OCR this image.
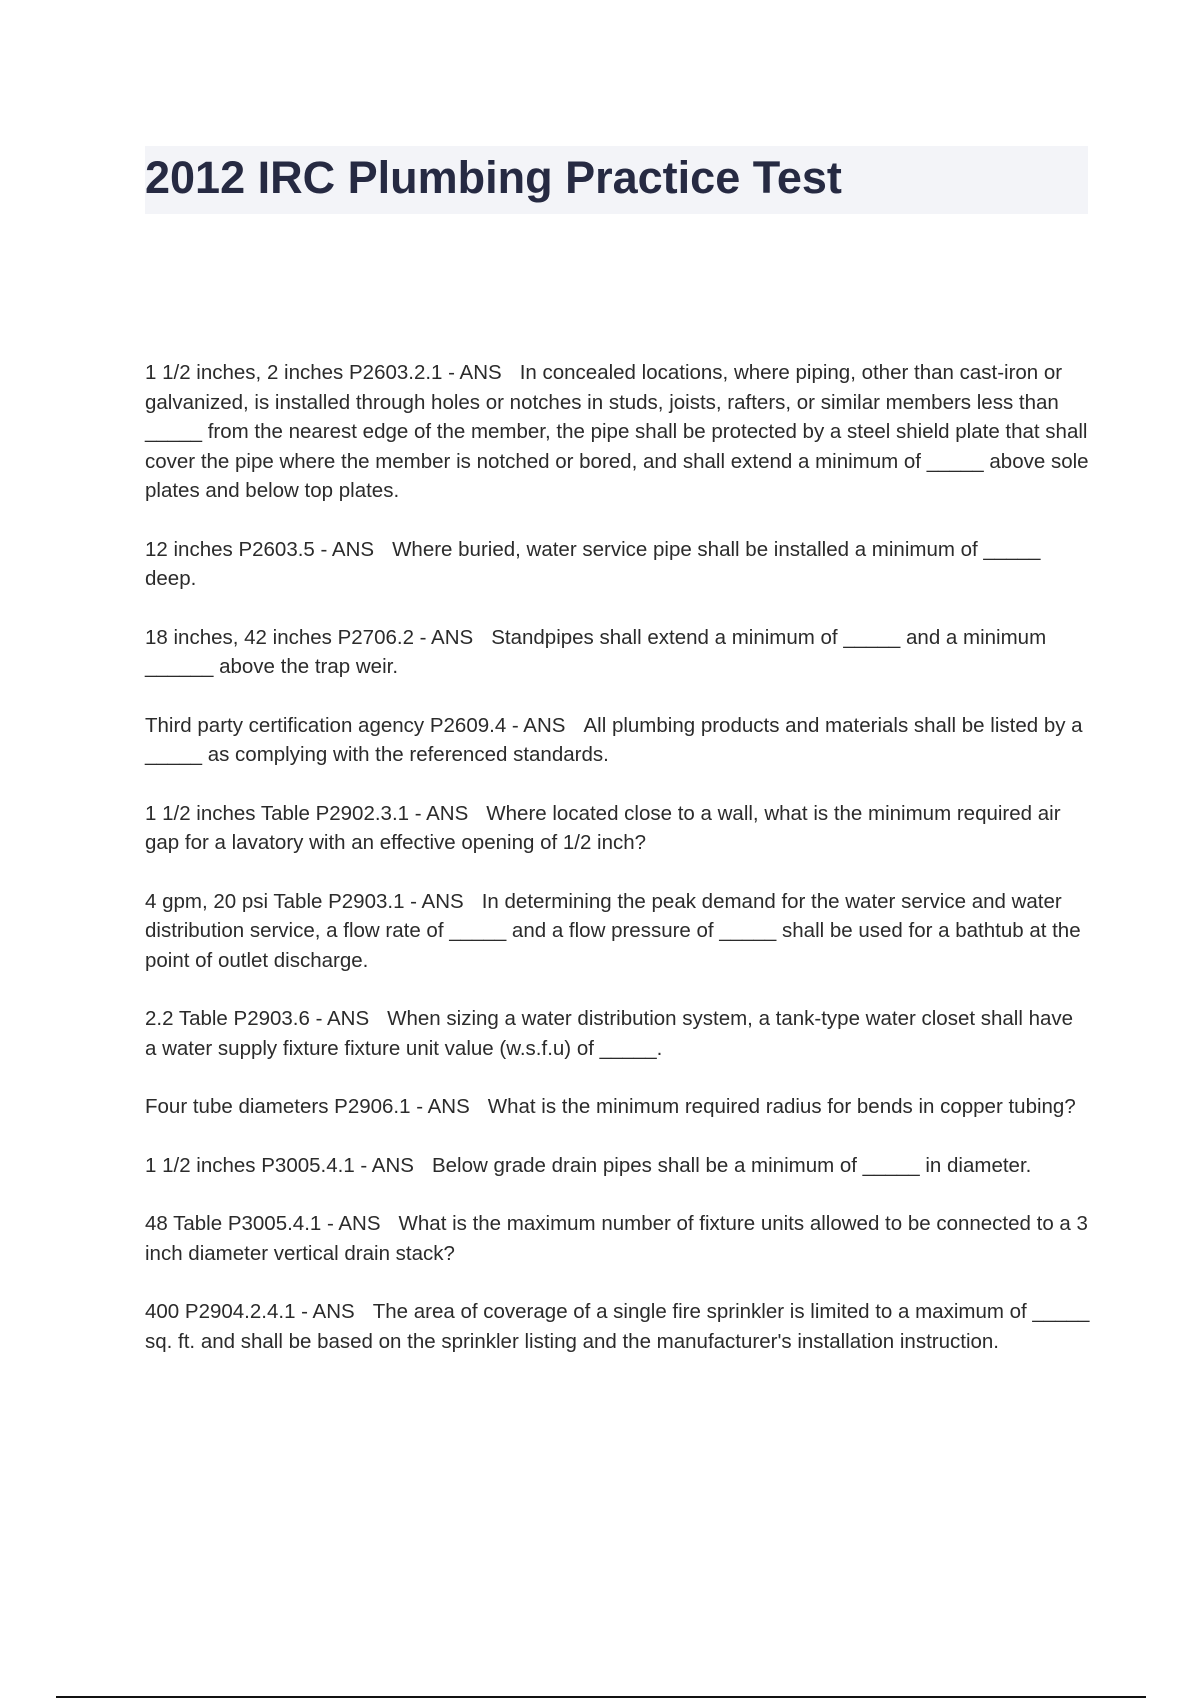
2012 IRC Plumbing Practice Test

1 1/2 inches, 2 inches P2603.2.1 - ANS In concealed locations, where piping, other than cast-iron or galvanized, is installed through holes or notches in studs, joists, rafters, or similar members less than _____ from the nearest edge of the member, the pipe shall be protected by a steel shield plate that shall cover the pipe where the member is notched or bored, and shall extend a minimum of _____ above sole plates and below top plates.

12 inches P2603.5 - ANS Where buried, water service pipe shall be installed a minimum of _____ deep.

18 inches, 42 inches P2706.2 - ANS Standpipes shall extend a minimum of _____ and a minimum ______ above the trap weir.

Third party certification agency P2609.4 - ANS All plumbing products and materials shall be listed by a _____ as complying with the referenced standards.

1 1/2 inches Table P2902.3.1 - ANS Where located close to a wall, what is the minimum required air gap for a lavatory with an effective opening of 1/2 inch?

4 gpm, 20 psi Table P2903.1 - ANS In determining the peak demand for the water service and water distribution service, a flow rate of _____ and a flow pressure of _____ shall be used for a bathtub at the point of outlet discharge.

2.2 Table P2903.6 - ANS When sizing a water distribution system, a tank-type water closet shall have a water supply fixture fixture unit value (w.s.f.u) of _____.

Four tube diameters P2906.1 - ANS What is the minimum required radius for bends in copper tubing?

1 1/2 inches P3005.4.1 - ANS Below grade drain pipes shall be a minimum of _____ in diameter.

48 Table P3005.4.1 - ANS What is the maximum number of fixture units allowed to be connected to a 3 inch diameter vertical drain stack?

400 P2904.2.4.1 - ANS The area of coverage of a single fire sprinkler is limited to a maximum of _____ sq. ft. and shall be based on the sprinkler listing and the manufacturer's installation instruction.
